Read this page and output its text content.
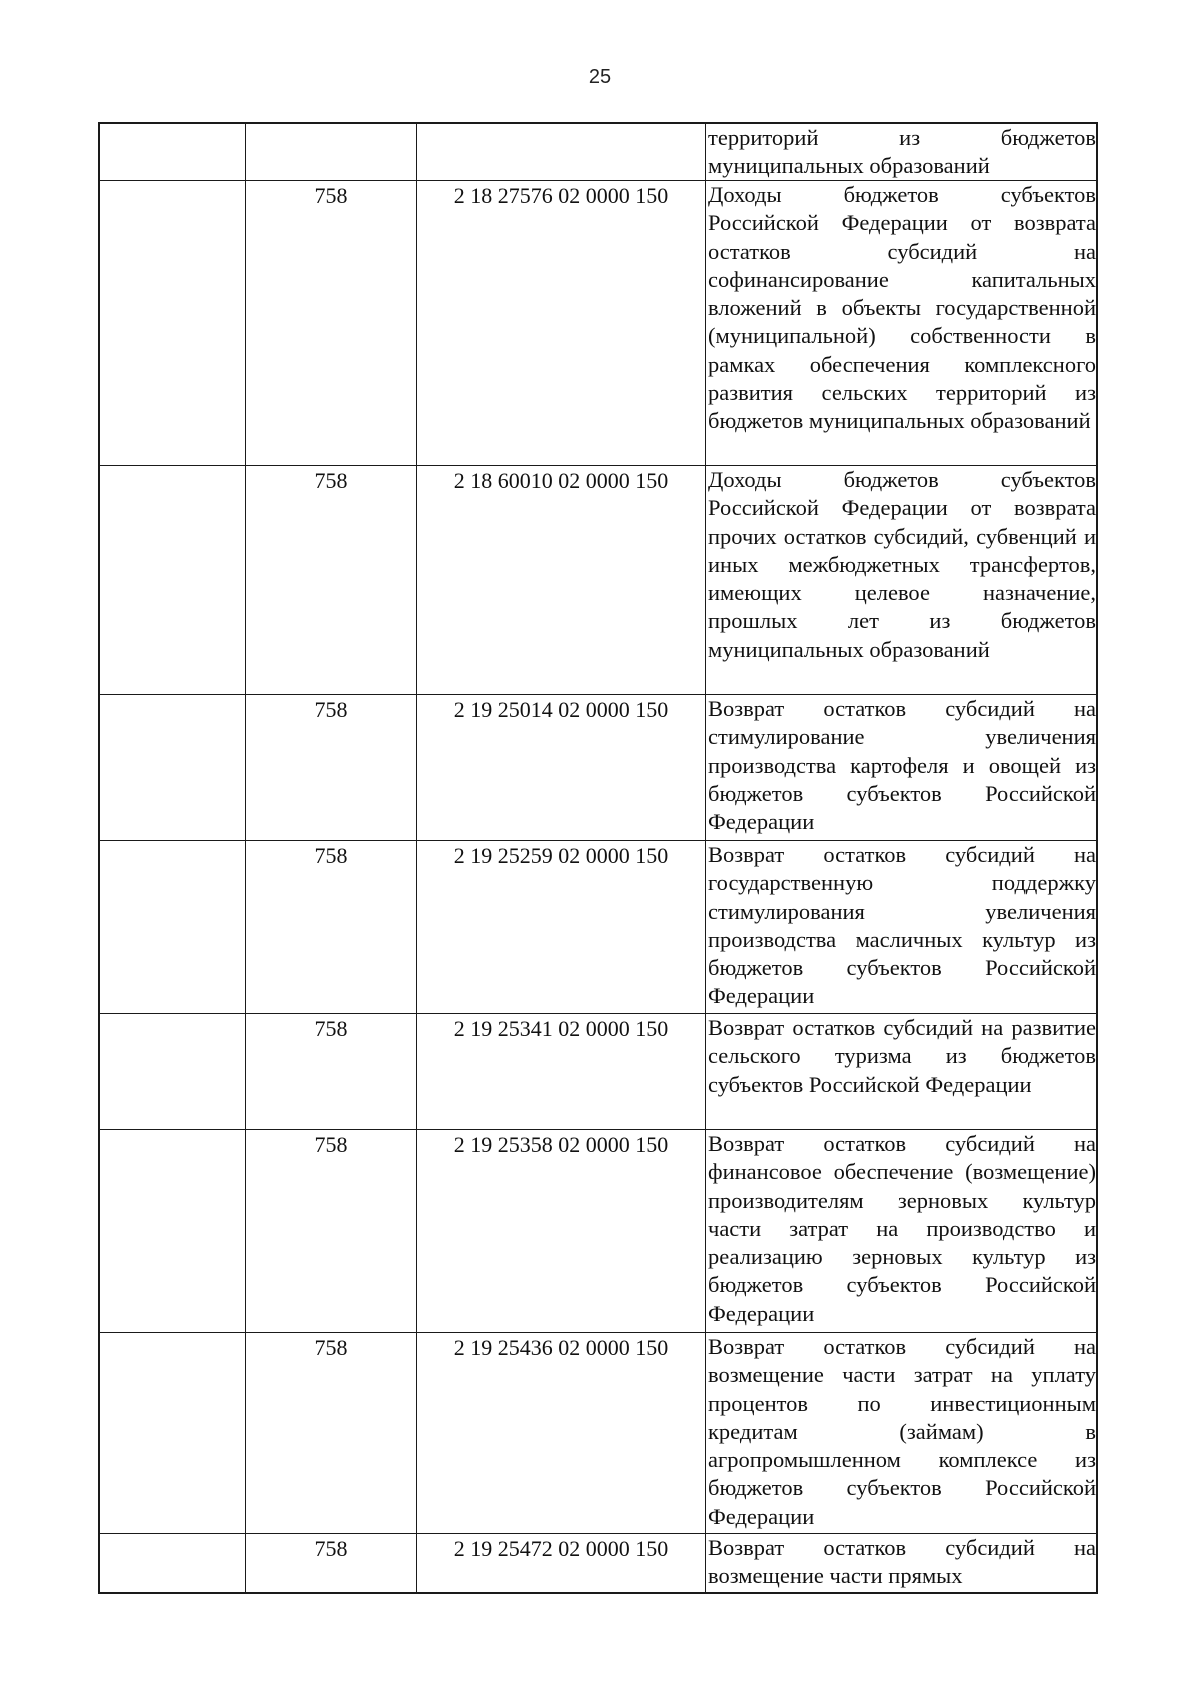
25
территорий из бюджетов муниципальных образований
758	2 18 27576 02 0000 150	Доходы бюджетов субъектов Российской Федерации от возврата остатков субсидий на софинансирование капитальных вложений в объекты государственной (муниципальной) собственности в рамках обеспечения комплексного развития сельских территорий из бюджетов муниципальных образований
758	2 18 60010 02 0000 150	Доходы бюджетов субъектов Российской Федерации от возврата прочих остатков субсидий, субвенций и иных межбюджетных трансфертов, имеющих целевое назначение, прошлых лет из бюджетов муниципальных образований
758	2 19 25014 02 0000 150	Возврат остатков субсидий на стимулирование увеличения производства картофеля и овощей из бюджетов субъектов Российской Федерации
758	2 19 25259 02 0000 150	Возврат остатков субсидий на государственную поддержку стимулирования увеличения производства масличных культур из бюджетов субъектов Российской Федерации
758	2 19 25341 02 0000 150	Возврат остатков субсидий на развитие сельского туризма из бюджетов субъектов Российской Федерации
758	2 19 25358 02 0000 150	Возврат остатков субсидий на финансовое обеспечение (возмещение) производителям зерновых культур части затрат на производство и реализацию зерновых культур из бюджетов субъектов Российской Федерации
758	2 19 25436 02 0000 150	Возврат остатков субсидий на возмещение части затрат на уплату процентов по инвестиционным кредитам (займам) в агропромышленном комплексе из бюджетов субъектов Российской Федерации
758	2 19 25472 02 0000 150	Возврат остатков субсидий на возмещение части прямых
